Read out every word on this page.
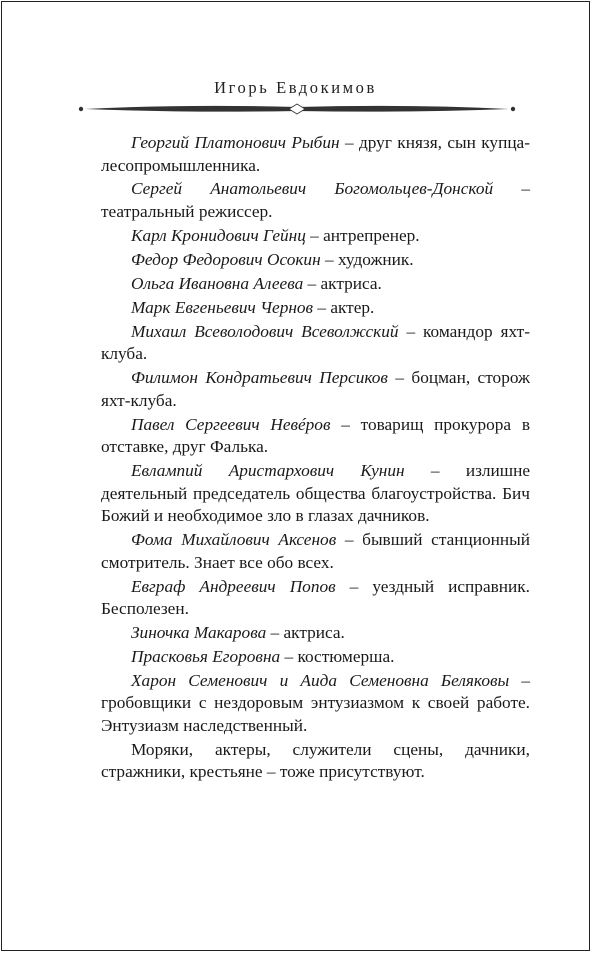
Игорь Евдокимов

Георгий Платонович Рыбин – друг князя, сын купца-лесопромышленника.

Сергей Анатольевич Богомольцев-Донской – театральный режиссер.

Карл Кронидович Гейнц – антрепренер.

Федор Федорович Осокин – художник.

Ольга Ивановна Алеева – актриса.

Марк Евгеньевич Чернов – актер.

Михаил Всеволодович Всеволжский – командор яхт-клуба.

Филимон Кондратьевич Персиков – боцман, сторож яхт-клуба.

Павел Сергеевич Невéров – товарищ прокурора в отставке, друг Фалька.

Евлампий Аристархович Кунин – излишне деятельный председатель общества благоустройства. Бич Божий и необходимое зло в глазах дачников.

Фома Михайлович Аксенов – бывший станционный смотритель. Знает все обо всех.

Евграф Андреевич Попов – уездный исправник. Бесполезен.

Зиночка Макарова – актриса.

Прасковья Егоровна – костюмерша.

Харон Семенович и Аида Семеновна Беляковы – гробовщики с нездоровым энтузиазмом к своей работе. Энтузиазм наследственный.

Моряки, актеры, служители сцены, дачники, стражники, крестьяне – тоже присутствуют.
